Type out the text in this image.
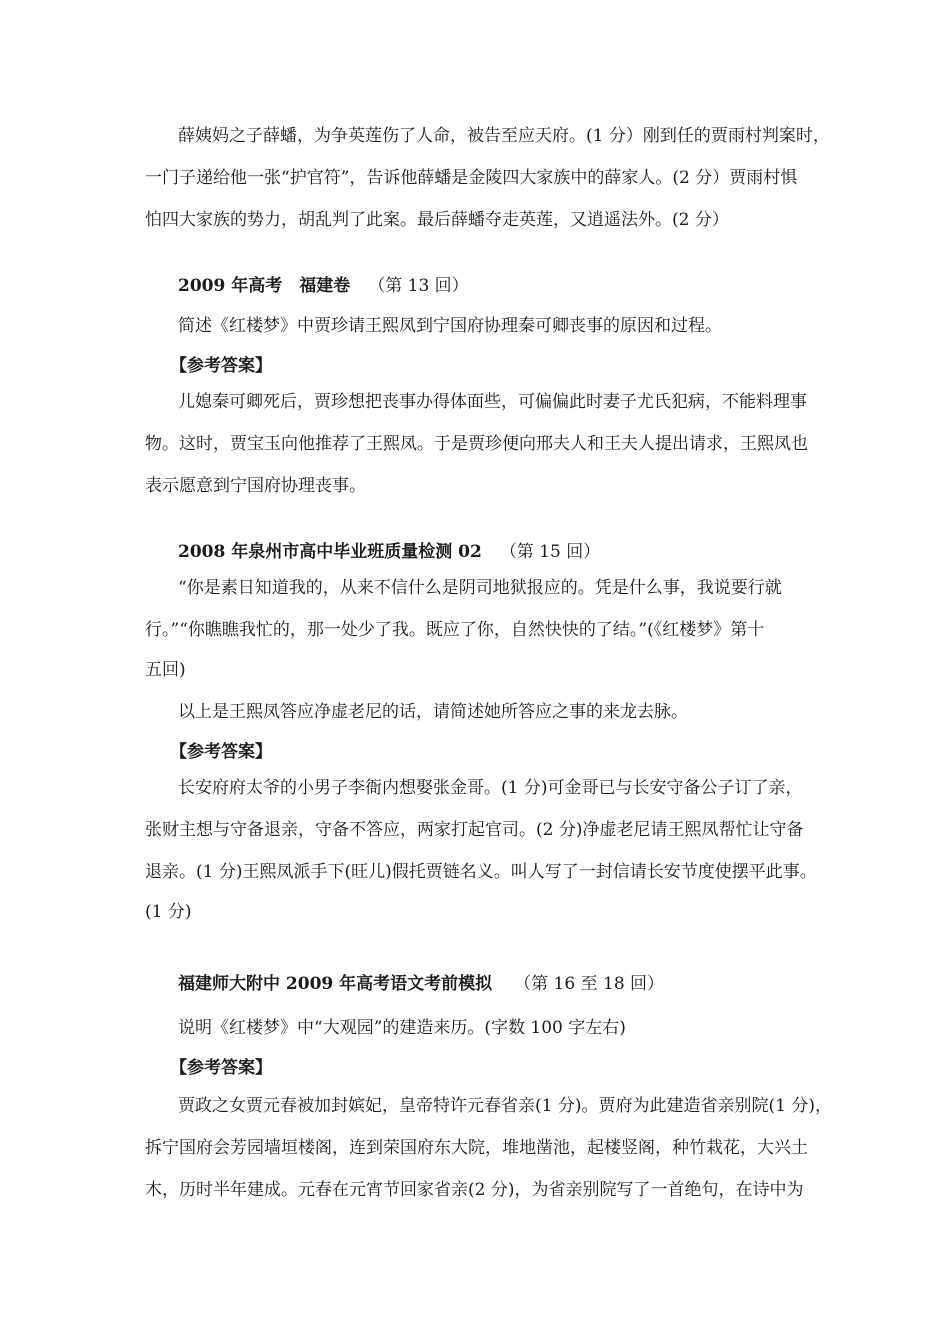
薛姨妈之子薛蟠，为争英莲伤了人命，被告至应天府。(1 分）刚到任的贾雨村判案时，
一门子递给他一张“护官符”，告诉他薛蟠是金陵四大家族中的薛家人。(2 分）贾雨村惧
怕四大家族的势力，胡乱判了此案。最后薛蟠夺走英莲，又逍遥法外。(2 分）
2009 年高考　福建卷 （第 13 回）
简述《红楼梦》中贾珍请王熙凤到宁国府协理秦可卿丧事的原因和过程。
【参考答案】
儿媳秦可卿死后，贾珍想把丧事办得体面些，可偏偏此时妻子尤氏犯病，不能料理事
物。这时，贾宝玉向他推荐了王熙凤。于是贾珍便向邢夫人和王夫人提出请求，王熙凤也
表示愿意到宁国府协理丧事。
2008 年泉州市高中毕业班质量检测 02 （第 15 回）
“你是素日知道我的，从来不信什么是阴司地狱报应的。凭是什么事，我说要行就
行。”“你瞧瞧我忙的，那一处少了我。既应了你，自然快快的了结。”(《红楼梦》第十
五回)
以上是王熙凤答应净虚老尼的话，请简述她所答应之事的来龙去脉。
【参考答案】
长安府府太爷的小男子李衙内想娶张金哥。(1 分)可金哥已与长安守备公子订了亲，
张财主想与守备退亲，守备不答应，两家打起官司。(2 分)净虚老尼请王熙凤帮忙让守备
退亲。(1 分)王熙凤派手下(旺儿)假托贾链名义。叫人写了一封信请长安节度使摆平此事。
(1 分)
福建师大附中 2009 年高考语文考前模拟 （第 16 至 18 回）
说明《红楼梦》中“大观园”的建造来历。(字数 100 字左右)
【参考答案】
贾政之女贾元春被加封嫔妃，皇帝特许元春省亲(1 分)。贾府为此建造省亲别院(1 分)，
拆宁国府会芳园墙垣楼阁，连到荣国府东大院，堆地凿池，起楼竖阁，种竹栽花，大兴土
木，历时半年建成。元春在元宵节回家省亲(2 分)，为省亲别院写了一首绝句，在诗中为
